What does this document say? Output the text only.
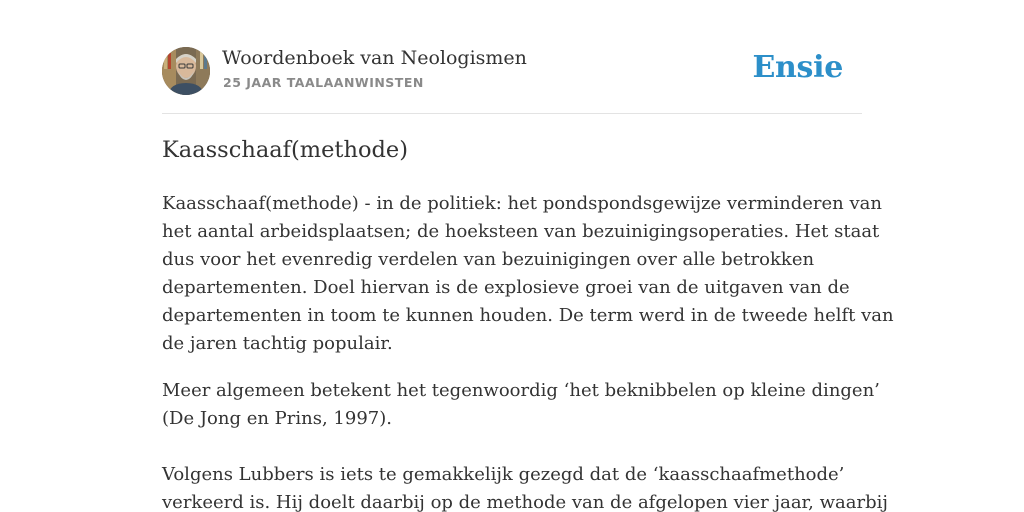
Woordenboek van Neologismen
25 JAAR TAALAANWINSTEN	Ensie
Kaasschaaf(methode)

Kaasschaaf(methode) - in de politiek: het pondspondsgewijze verminderen van
het aantal arbeidsplaatsen; de hoeksteen van bezuinigingsoperaties. Het staat
dus voor het evenredig verdelen van bezuinigingen over alle betrokken
departementen. Doel hiervan is de explosieve groei van de uitgaven van de
departementen in toom te kunnen houden. De term werd in de tweede helft van
de jaren tachtig populair.

Meer algemeen betekent het tegenwoordig ‘het beknibbelen op kleine dingen’
(De Jong en Prins, 1997).

Volgens Lubbers is iets te gemakkelijk gezegd dat de ‘kaasschaafmethode’
verkeerd is. Hij doelt daarbij op de methode van de afgelopen vier jaar, waarbij
